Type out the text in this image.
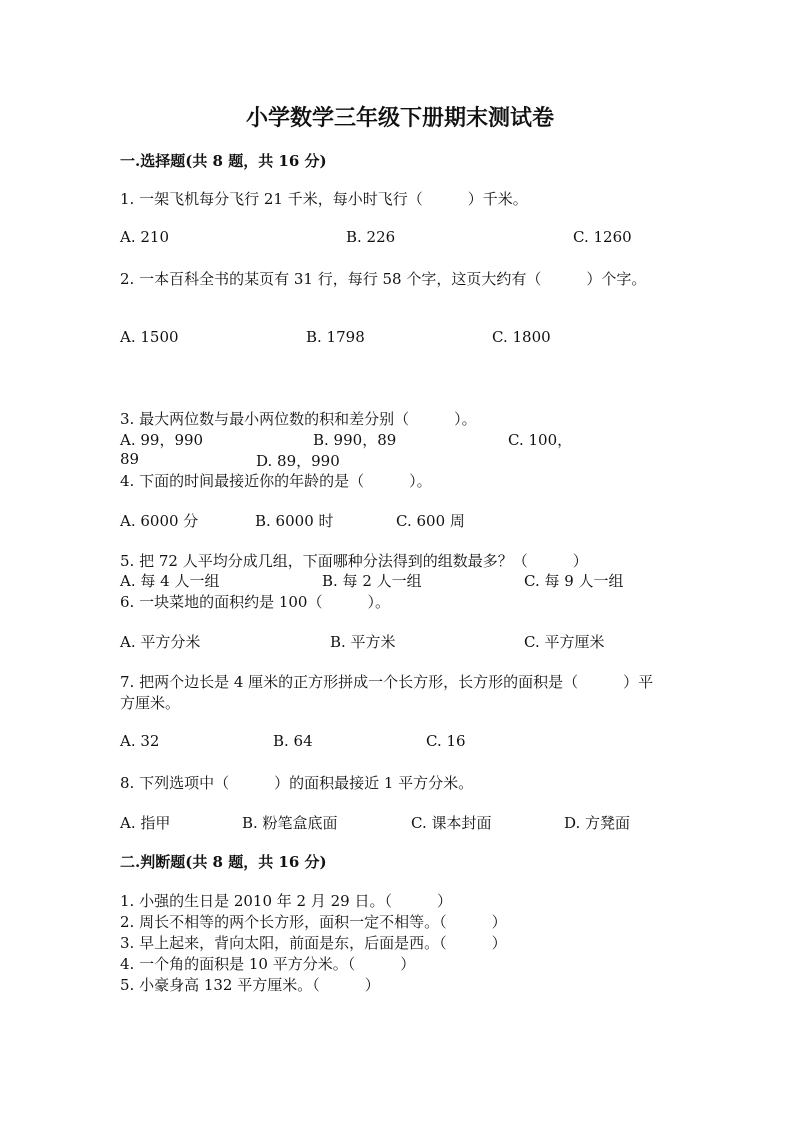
小学数学三年级下册期末测试卷
一.选择题(共 8 题，共 16 分)
1. 一架飞机每分飞行 21 千米，每小时飞行（　　　）千米。
A. 210	B. 226	C. 1260
2. 一本百科全书的某页有 31 行，每行 58 个字，这页大约有（　　　）个字。
A. 1500	B. 1798	C. 1800
3. 最大两位数与最小两位数的积和差分别（　　　）。
A. 99，990	B. 990，89	C. 100，
89	D. 89，990
4. 下面的时间最接近你的年龄的是（　　　）。
A. 6000 分	B. 6000 时	C. 600 周
5. 把 72 人平均分成几组，下面哪种分法得到的组数最多？（　　　）
A. 每 4 人一组	B. 每 2 人一组	C. 每 9 人一组
6. 一块菜地的面积约是 100（　　　）。
A. 平方分米	B. 平方米	C. 平方厘米
7. 把两个边长是 4 厘米的正方形拼成一个长方形，长方形的面积是（　　　）平
方厘米。
A. 32	B. 64	C. 16
8. 下列选项中（　　　）的面积最接近 1 平方分米。
A. 指甲	B. 粉笔盒底面	C. 课本封面	D. 方凳面
二.判断题(共 8 题，共 16 分)
1. 小强的生日是 2010 年 2 月 29 日。（　　　）
2. 周长不相等的两个长方形，面积一定不相等。（　　　）
3. 早上起来，背向太阳，前面是东，后面是西。（　　　）
4. 一个角的面积是 10 平方分米。（　　　）
5. 小豪身高 132 平方厘米。（　　　）
